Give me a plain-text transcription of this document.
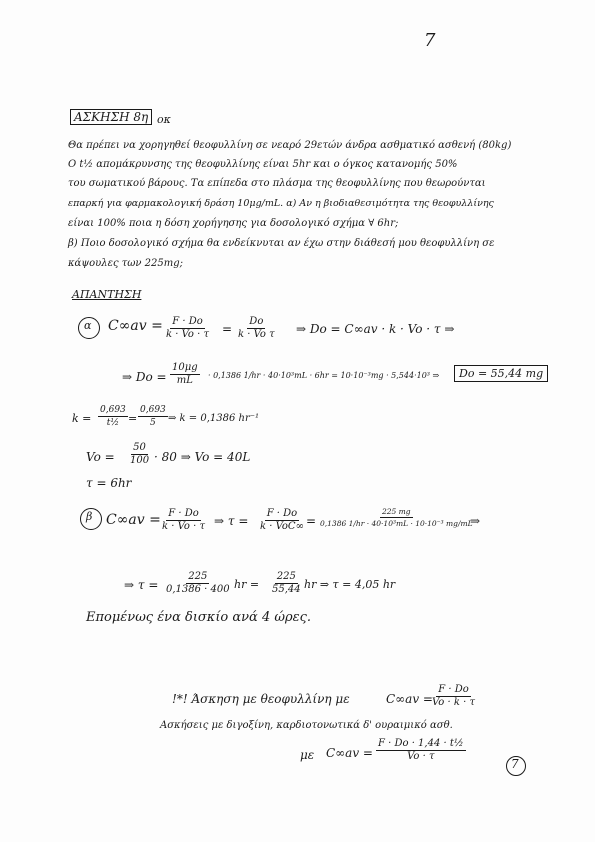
7
ΑΣΚΗΣΗ 8η οκ
Θα πρέπει να χορηγηθεί θεοφυλλίνη σε νεαρό 29ετών άνδρα ασθματικό ασθενή (80kg)
Ο t½ απομάκρυνσης της θεοφυλλίνης είναι 5hr και ο όγκος κατανομής 50%
του σωματικού βάρους. Τα επίπεδα στο πλάσμα της θεοφυλλίνης που θεωρούνται
επαρκή για φαρμακολογική δράση 10μg/mL. α) Αν η βιοδιαθεσιμότητα της θεοφυλλίνης
είναι 100% ποια η δόση χορήγησης για δοσολογικό σχήμα ∀ 6hr;
β) Ποιο δοσολογικό σχήμα θα ενδείκνυται αν έχω στην διάθεσή μου θεοφυλλίνη σε
κάψουλες των 225mg;
ΑΠΑΝΤΗΣΗ
α $C\infty av = \frac{F \cdot Do}{k \cdot Vo \cdot \tau} = \frac{Do}{\text{k · Vo τ}}$ ⇒ Do = C∞av · k · Vo · τ ⇒
⇒ $Do = \frac{10\mu g}{mL} \cdot 0,1386$ 1/hr · 40·10³mL · 6hr = 10·10⁻³mg · 5,544·10³ ⇒	Do = 55,44 mg
$k = \frac{0,693}{\text{t½}} = \frac{0,693}{5}$ ⇒ k = 0,1386 hr⁻¹
$Vo = \frac{50}{100} \cdot 80$ ⇒ Vo = 40L
τ = 6hr
β $C\infty av = \frac{F \cdot Do}{k \cdot Vo \cdot \tau}$ ⇒ τ =
F · Do
$k \cdot VoC\infty = \frac{225 mg}{\text{0,1386 1/hr · 40·10³mL · 10·10⁻³ mg/mL}}$
⇒
⇒ $\tau = \frac{225}{0,1386 \cdot 400}$ hr = $\frac{225}{55,44}$ hr ⇒ τ = 4,05 hr
Επομένως ένα δισκίο ανά 4 ώρες.
!*! Άσκηση με θεοφυλλίνη με	C∞av =
$\frac{F \cdot Do}{Vo \cdot k \cdot \tau}$
Ασκήσεις με διγοξίνη, καρδιοτονωτικά δ' ουραιμικό ασθ.
με $C\infty av = \frac{\text{F · Do · 1,44 · t½}}{Vo \cdot \tau}$
7
